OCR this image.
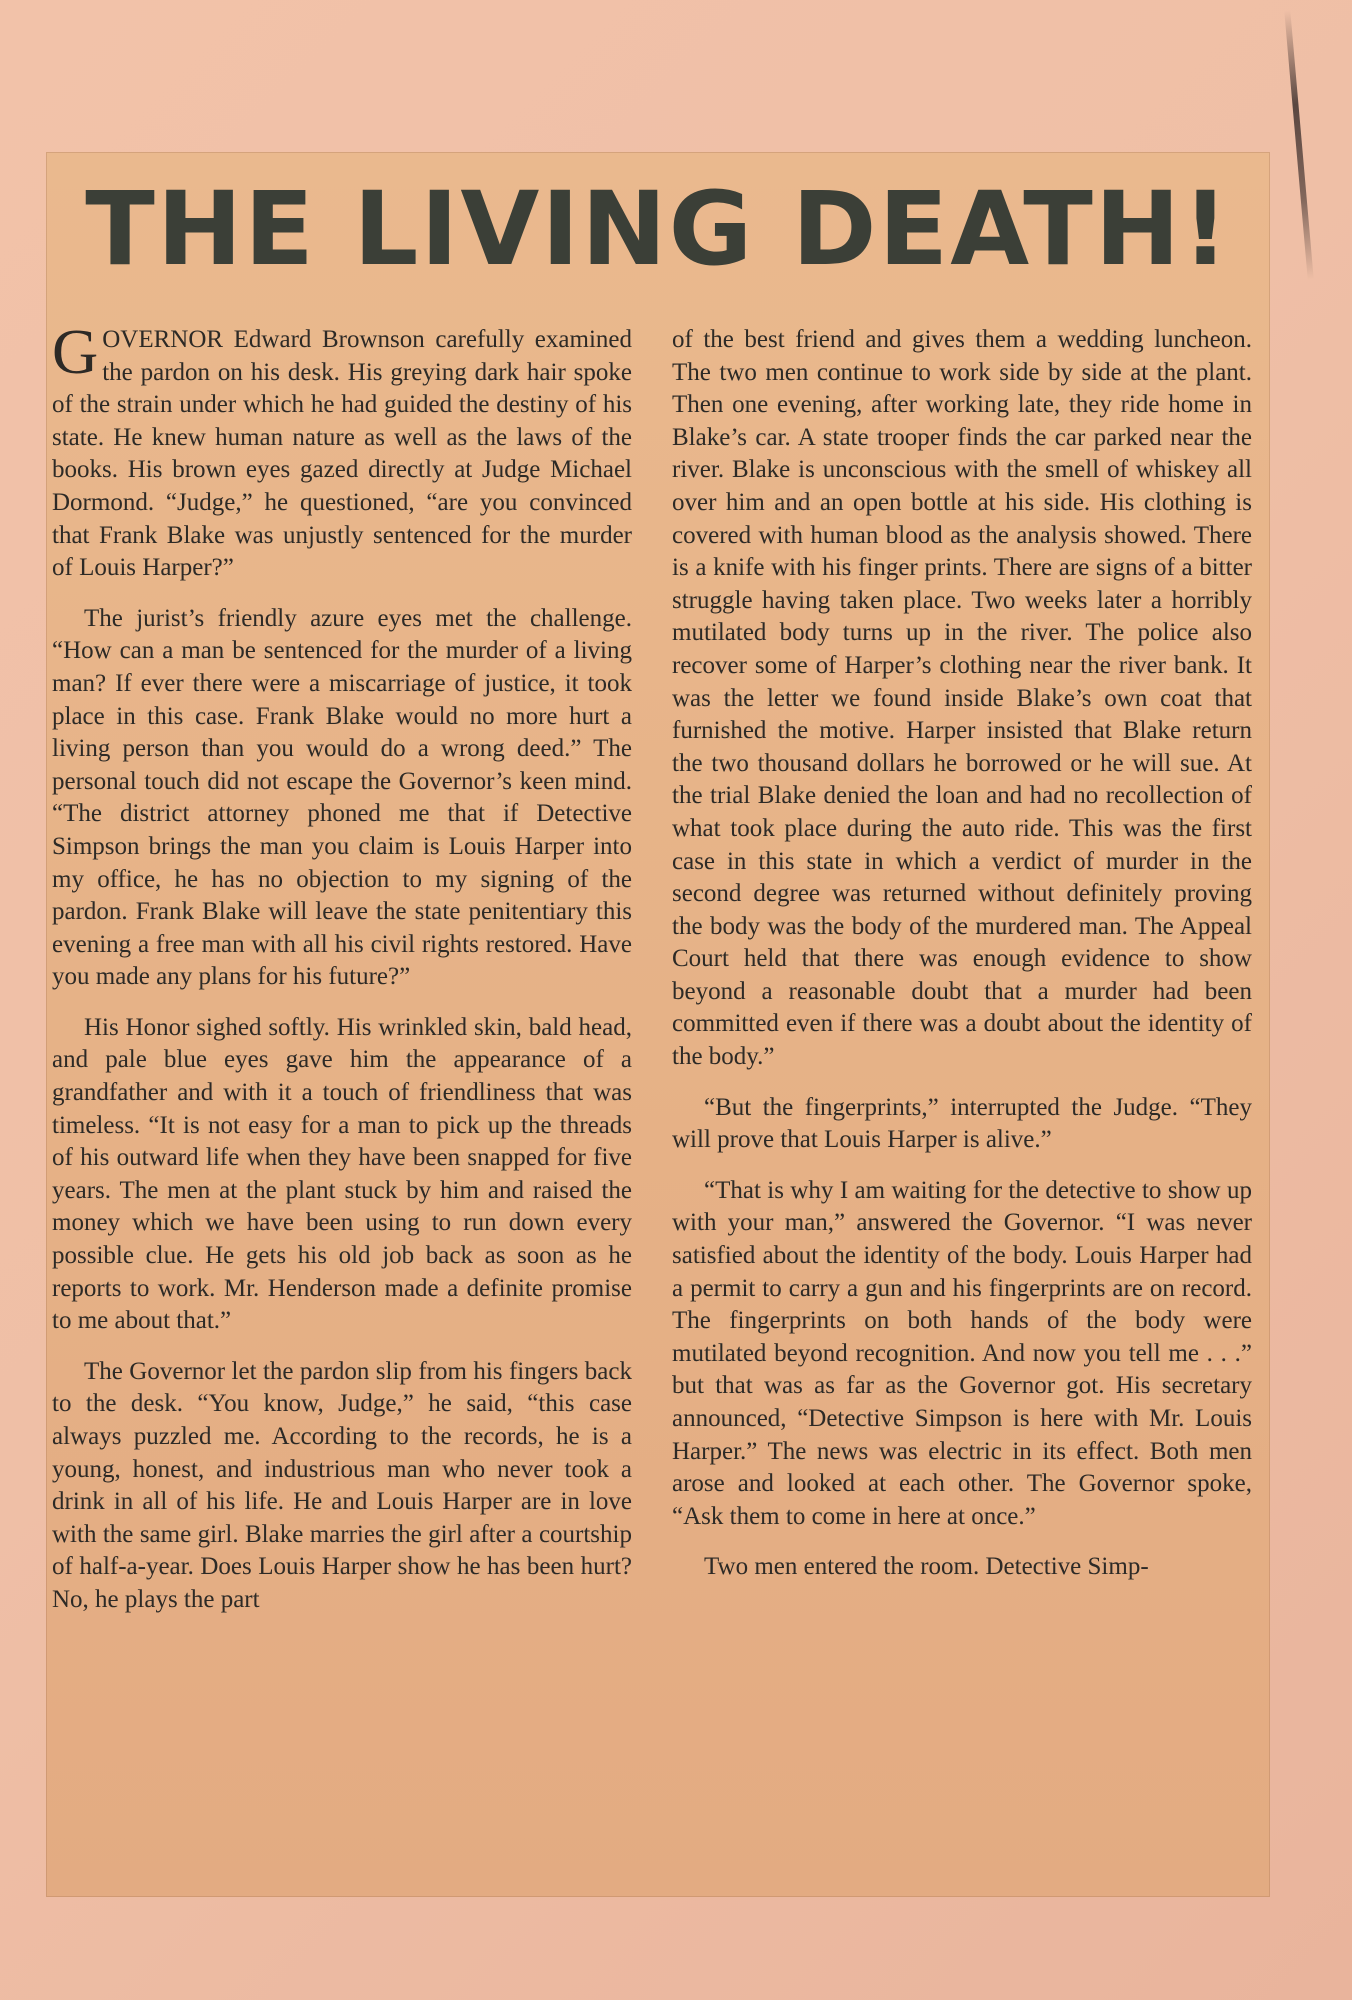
THE LIVING DEATH!

GOVERNOR Edward Brownson carefully examined the pardon on his desk. His greying dark hair spoke of the strain under which he had guided the destiny of his state. He knew human nature as well as the laws of the books. His brown eyes gazed directly at Judge Michael Dormond. “Judge,” he questioned, “are you convinced that Frank Blake was unjustly sentenced for the murder of Louis Harper?”

The jurist’s friendly azure eyes met the challenge. “How can a man be sentenced for the murder of a living man? If ever there were a miscarriage of justice, it took place in this case. Frank Blake would no more hurt a living person than you would do a wrong deed.” The personal touch did not escape the Governor’s keen mind. “The district attorney phoned me that if Detective Simpson brings the man you claim is Louis Harper into my office, he has no objection to my signing of the pardon. Frank Blake will leave the state penitentiary this evening a free man with all his civil rights restored. Have you made any plans for his future?”

His Honor sighed softly. His wrinkled skin, bald head, and pale blue eyes gave him the appearance of a grandfather and with it a touch of friendliness that was timeless. “It is not easy for a man to pick up the threads of his outward life when they have been snapped for five years. The men at the plant stuck by him and raised the money which we have been using to run down every possible clue. He gets his old job back as soon as he reports to work. Mr. Henderson made a definite promise to me about that.”

The Governor let the pardon slip from his fingers back to the desk. “You know, Judge,” he said, “this case always puzzled me. According to the records, he is a young, honest, and industrious man who never took a drink in all of his life. He and Louis Harper are in love with the same girl. Blake marries the girl after a courtship of half-a-year. Does Louis Harper show he has been hurt? No, he plays the part

of the best friend and gives them a wedding luncheon. The two men continue to work side by side at the plant. Then one evening, after working late, they ride home in Blake’s car. A state trooper finds the car parked near the river. Blake is unconscious with the smell of whiskey all over him and an open bottle at his side. His clothing is covered with human blood as the analysis showed. There is a knife with his finger prints. There are signs of a bitter struggle having taken place. Two weeks later a horribly mutilated body turns up in the river. The police also recover some of Harper’s clothing near the river bank. It was the letter we found inside Blake’s own coat that furnished the motive. Harper insisted that Blake return the two thousand dollars he borrowed or he will sue. At the trial Blake denied the loan and had no recollection of what took place during the auto ride. This was the first case in this state in which a verdict of murder in the second degree was returned without definitely proving the body was the body of the murdered man. The Appeal Court held that there was enough evidence to show beyond a reasonable doubt that a murder had been committed even if there was a doubt about the identity of the body.”

“But the fingerprints,” interrupted the Judge. “They will prove that Louis Harper is alive.”

“That is why I am waiting for the detective to show up with your man,” answered the Governor. “I was never satisfied about the identity of the body. Louis Harper had a permit to carry a gun and his fingerprints are on record. The fingerprints on both hands of the body were mutilated beyond recognition. And now you tell me . . .” but that was as far as the Governor got. His secretary announced, “Detective Simpson is here with Mr. Louis Harper.” The news was electric in its effect. Both men arose and looked at each other. The Governor spoke, “Ask them to come in here at once.”

Two men entered the room. Detective Simp-
